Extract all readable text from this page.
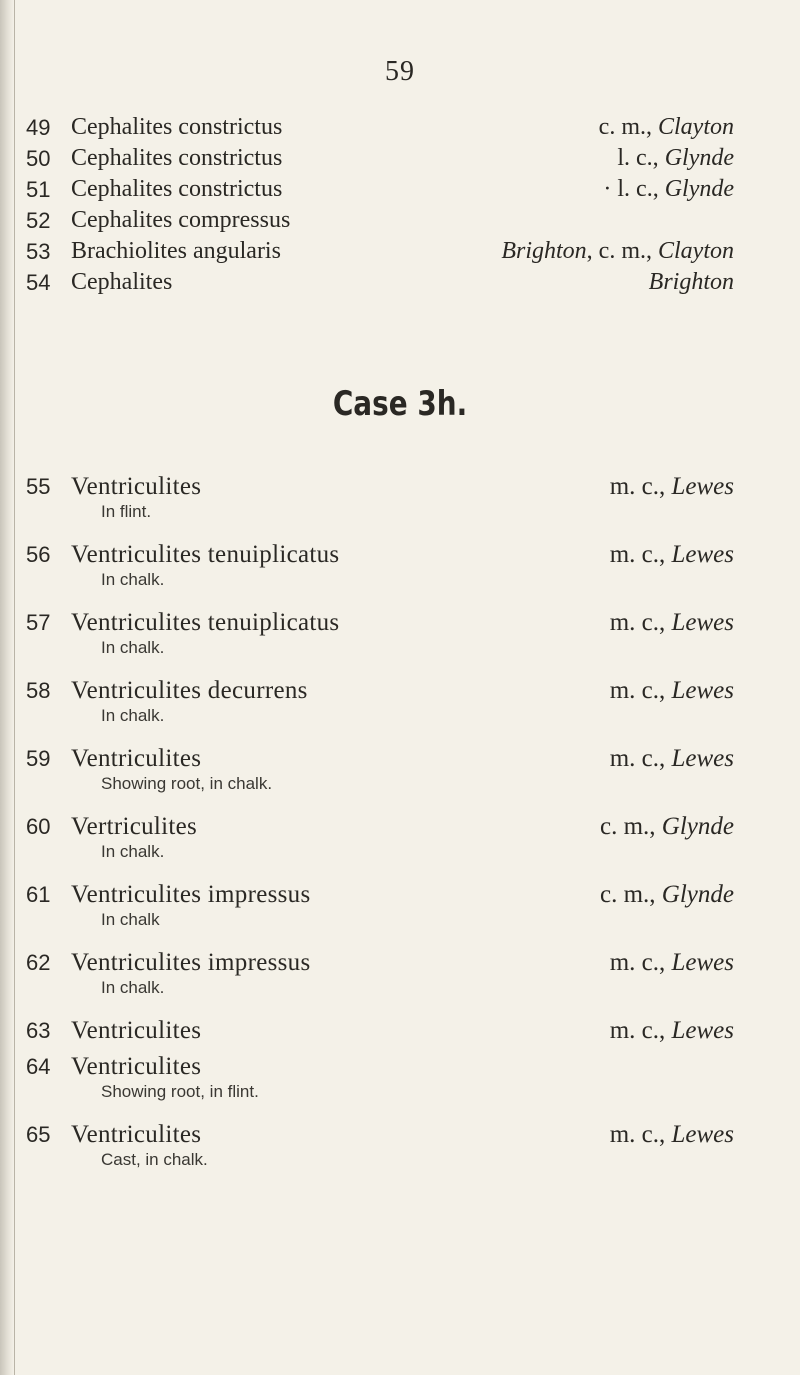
59
49 Cephalites constrictus	c. m., Clayton
50 Cephalites constrictus	l. c., Glynde
51 Cephalites constrictus	· l. c., Glynde
52 Cephalites compressus
53 Brachiolites angularis	Brighton, c. m., Clayton
54 Cephalites	Brighton
Case 3h.
55 Ventriculites	m. c., Lewes
In flint.
56 Ventriculites tenuiplicatus	m. c., Lewes
In chalk.
57 Ventriculites tenuiplicatus	m. c., Lewes
In chalk.
58 Ventriculites decurrens	m. c., Lewes
In chalk.
59 Ventriculites	m. c., Lewes
Showing root, in chalk.
60 Vertriculites	c. m., Glynde
In chalk.
61 Ventriculites impressus	c. m., Glynde
In chalk
62 Ventriculites impressus	m. c., Lewes
In chalk.
63 Ventriculites	m. c., Lewes
64 Ventriculites
Showing root, in flint.
65 Ventriculites	m. c., Lewes
Cast, in chalk.
